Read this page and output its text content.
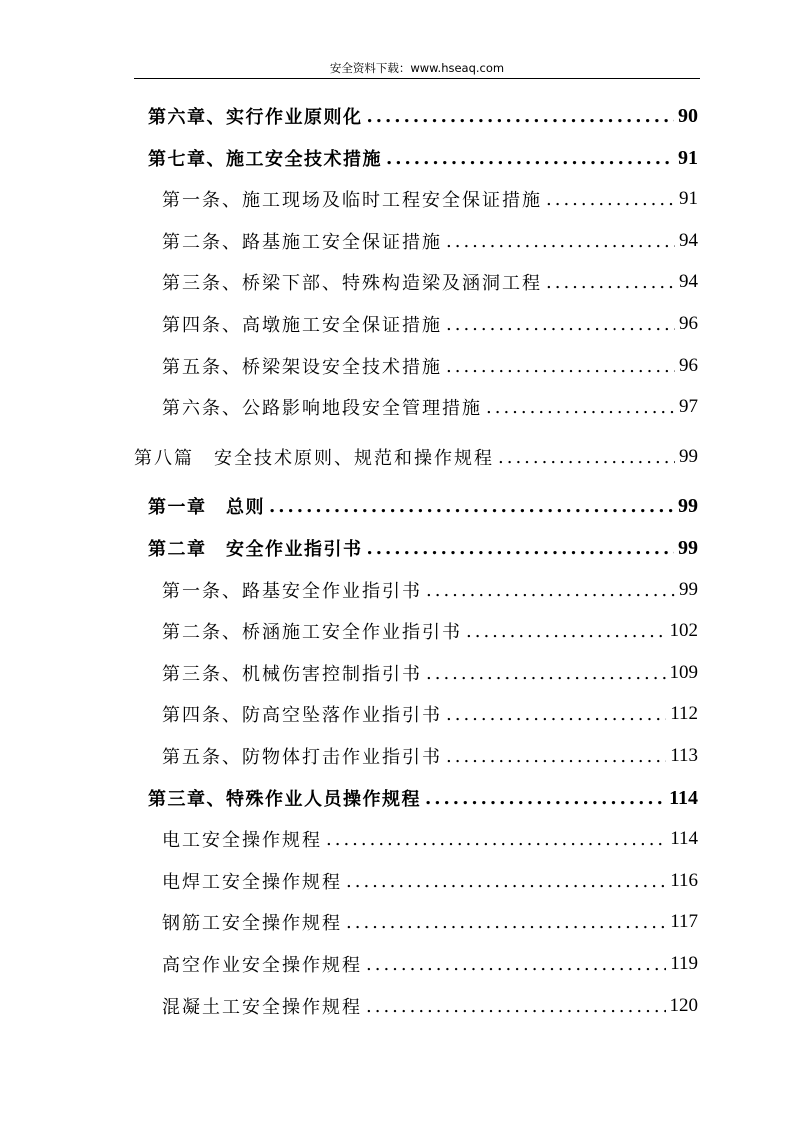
安全资料下载：www.hseaq.com
第六章、实行作业原则化 .....	90
第七章、施工安全技术措施 .....	91
第一条、施工现场及临时工程安全保证措施 .....	91
第二条、路基施工安全保证措施 .....	94
第三条、桥梁下部、特殊构造梁及涵洞工程 .....	94
第四条、高墩施工安全保证措施 .....	96
第五条、桥梁架设安全技术措施 .....	96
第六条、公路影响地段安全管理措施 .....	97
第八篇　安全技术原则、规范和操作规程 .....	99
第一章　总则 .....	99
第二章　安全作业指引书 .....	99
第一条、路基安全作业指引书 .....	99
第二条、桥涵施工安全作业指引书 .....	102
第三条、机械伤害控制指引书 .....	109
第四条、防高空坠落作业指引书 .....	112
第五条、防物体打击作业指引书 .....	113
第三章、特殊作业人员操作规程 .....	114
电工安全操作规程 .....	114
电焊工安全操作规程 .....	116
钢筋工安全操作规程 .....	117
高空作业安全操作规程 .....	119
混凝土工安全操作规程 .....	120
